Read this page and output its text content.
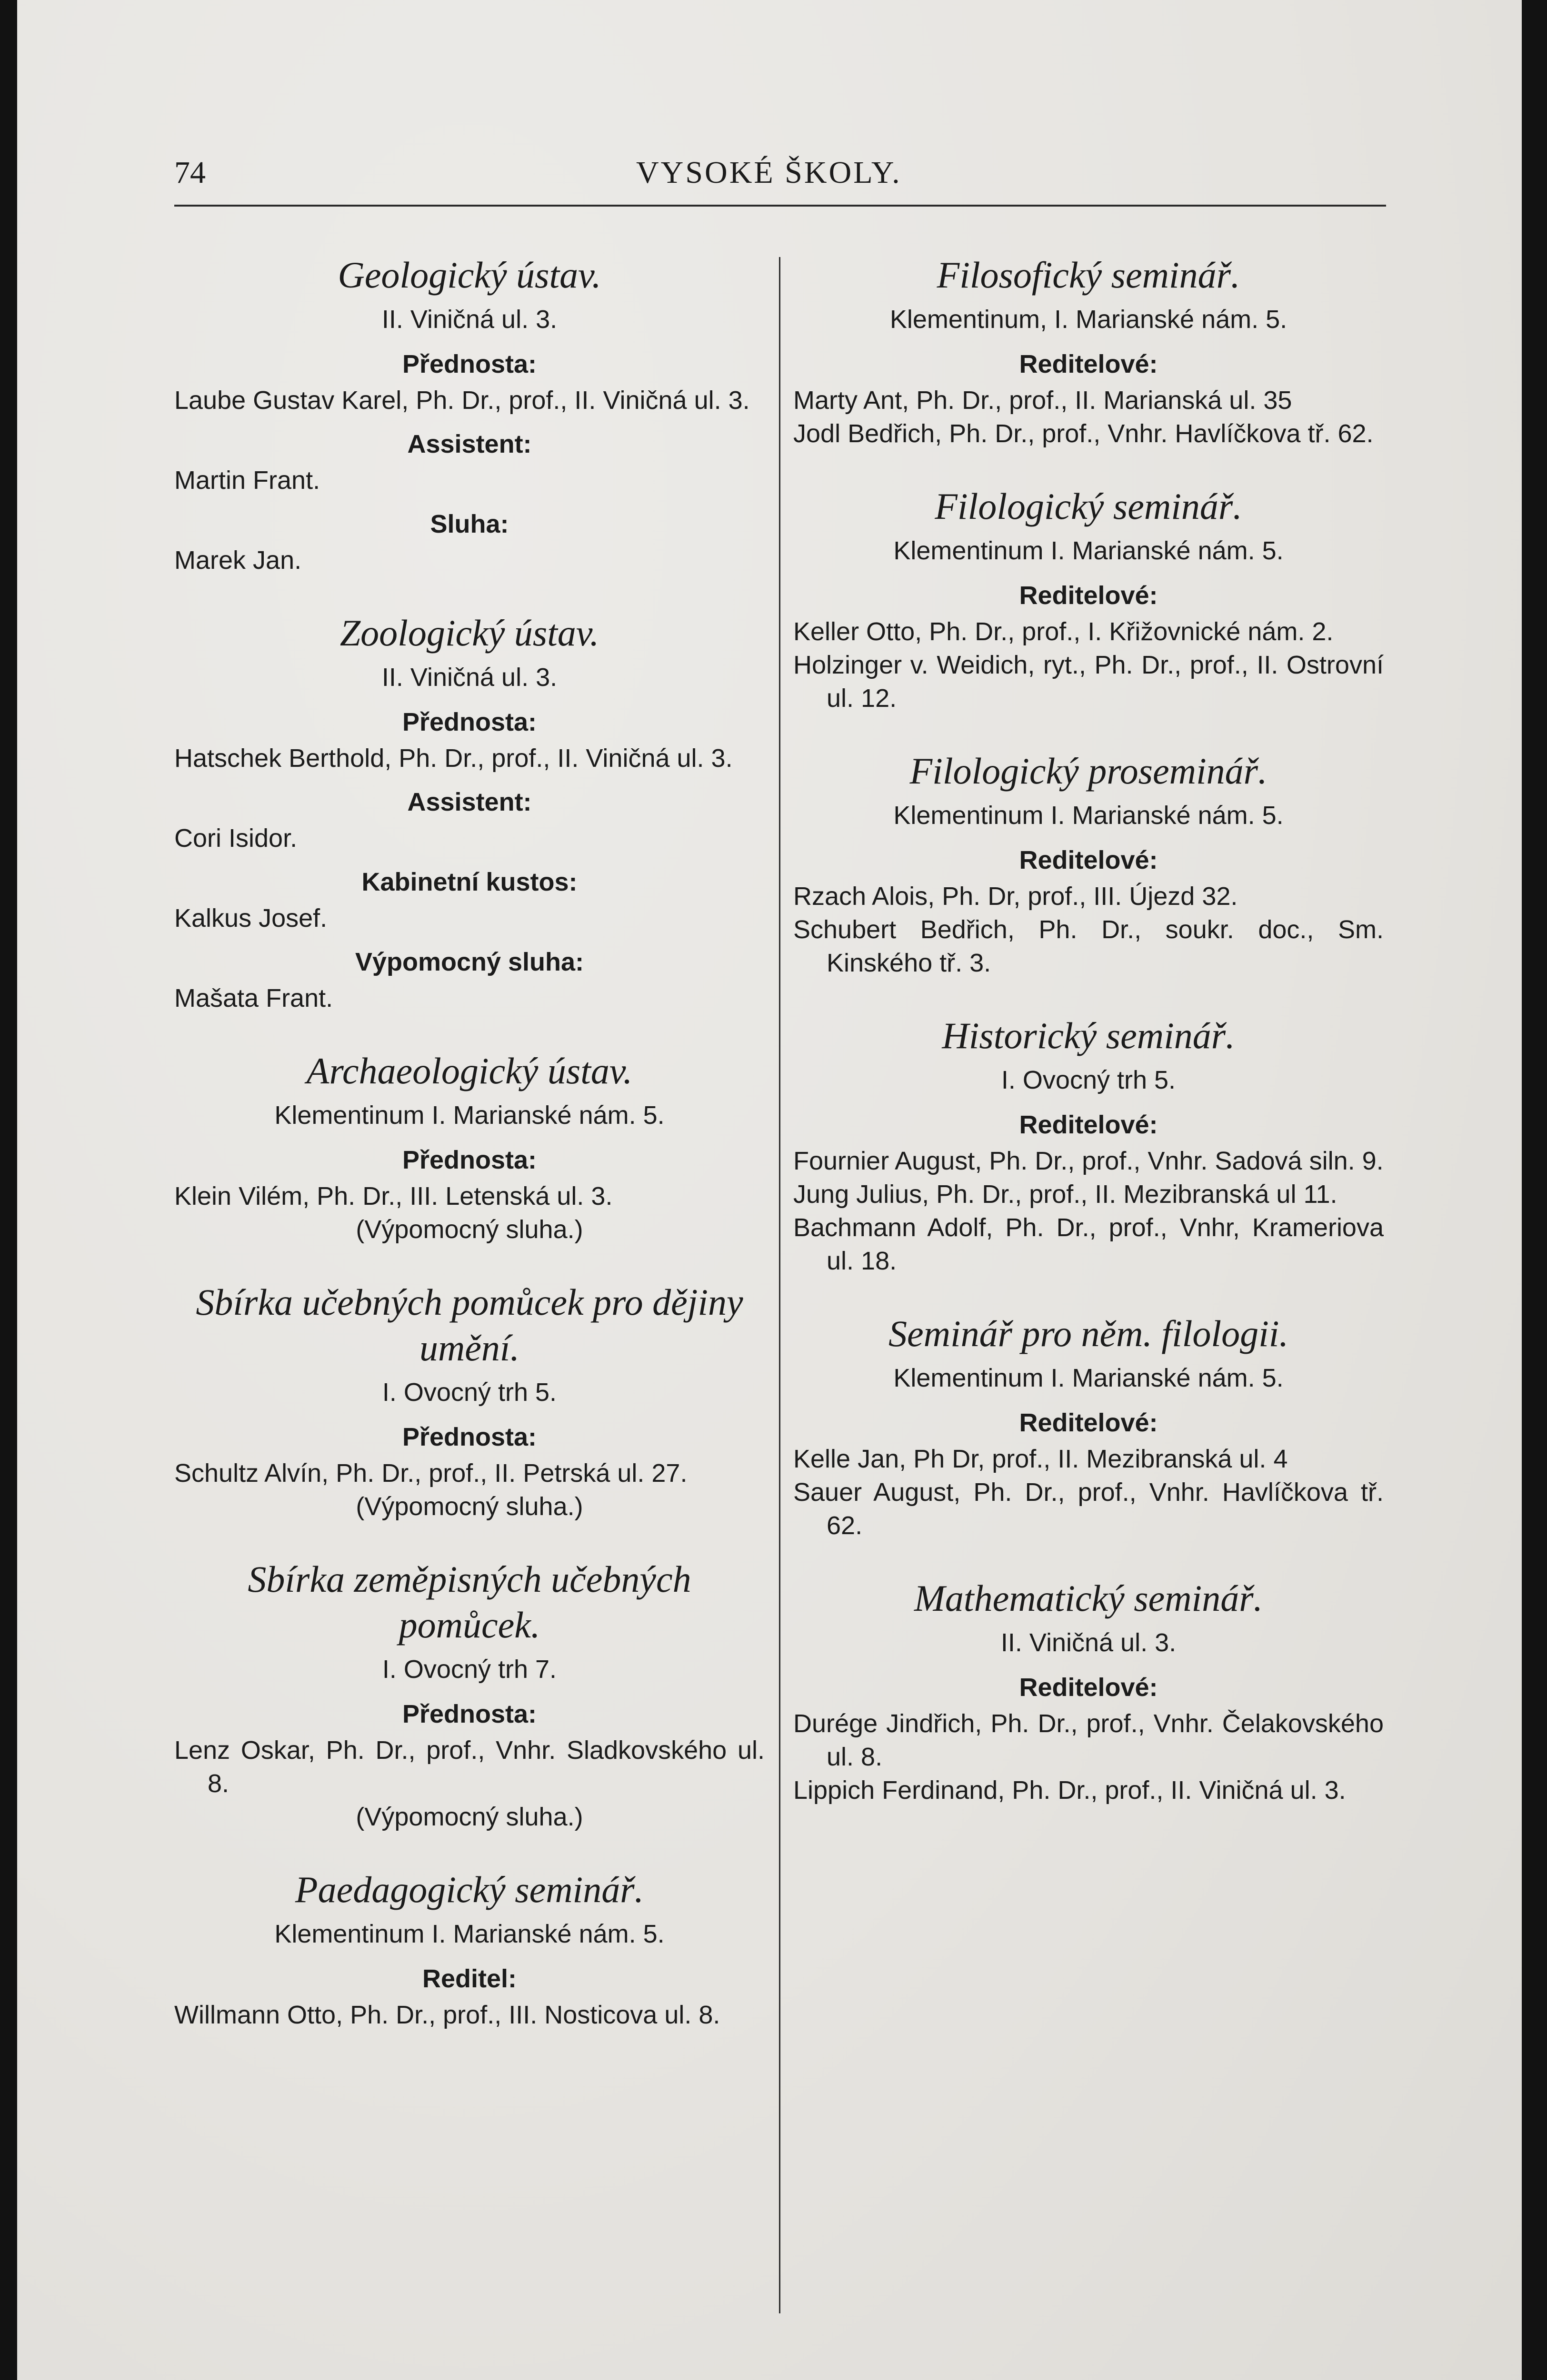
74	VYSOKÉ ŠKOLY.
Geologický ústav.
II. Viničná ul. 3.
Přednosta:
Laube Gustav Karel, Ph. Dr., prof., II. Viničná ul. 3.
Assistent:
Martin Frant.
Sluha:
Marek Jan.
Zoologický ústav.
II. Viničná ul. 3.
Přednosta:
Hatschek Berthold, Ph. Dr., prof., II. Viničná ul. 3.
Assistent:
Cori Isidor.
Kabinetní kustos:
Kalkus Josef.
Výpomocný sluha:
Mašata Frant.
Archaeologický ústav.
Klementinum I. Marianské nám. 5.
Přednosta:
Klein Vilém, Ph. Dr., III. Letenská ul. 3.
(Výpomocný sluha.)
Sbírka učebných pomůcek pro dějiny umění.
I. Ovocný trh 5.
Přednosta:
Schultz Alvín, Ph. Dr., prof., II. Petrská ul. 27.
(Výpomocný sluha.)
Sbírka zeměpisných učebných pomůcek.
I. Ovocný trh 7.
Přednosta:
Lenz Oskar, Ph. Dr., prof., Vnhr. Sladkovského ul. 8.
(Výpomocný sluha.)
Paedagogický seminář.
Klementinum I. Marianské nám. 5.
Reditel:
Willmann Otto, Ph. Dr., prof., III. Nosticova ul. 8.
Filosofický seminář.
Klementinum, I. Marianské nám. 5.
Reditelové:
Marty Ant, Ph. Dr., prof., II. Marianská ul. 35
Jodl Bedřich, Ph. Dr., prof., Vnhr. Havlíčkova tř. 62.
Filologický seminář.
Klementinum I. Marianské nám. 5.
Reditelové:
Keller Otto, Ph. Dr., prof., I. Křižovnické nám. 2.
Holzinger v. Weidich, ryt., Ph. Dr., prof., II. Ostrovní ul. 12.
Filologický proseminář.
Klementinum I. Marianské nám. 5.
Reditelové:
Rzach Alois, Ph. Dr, prof., III. Újezd 32.
Schubert Bedřich, Ph. Dr., soukr. doc., Sm. Kinského tř. 3.
Historický seminář.
I. Ovocný trh 5.
Reditelové:
Fournier August, Ph. Dr., prof., Vnhr. Sadová siln. 9.
Jung Julius, Ph. Dr., prof., II. Mezibranská ul 11.
Bachmann Adolf, Ph. Dr., prof., Vnhr, Krameriova ul. 18.
Seminář pro něm. filologii.
Klementinum I. Marianské nám. 5.
Reditelové:
Kelle Jan, Ph Dr, prof., II. Mezibranská ul. 4
Sauer August, Ph. Dr., prof., Vnhr. Havlíčkova tř. 62.
Mathematický seminář.
II. Viničná ul. 3.
Reditelové:
Durége Jindřich, Ph. Dr., prof., Vnhr. Čelakovského ul. 8.
Lippich Ferdinand, Ph. Dr., prof., II. Viničná ul. 3.
